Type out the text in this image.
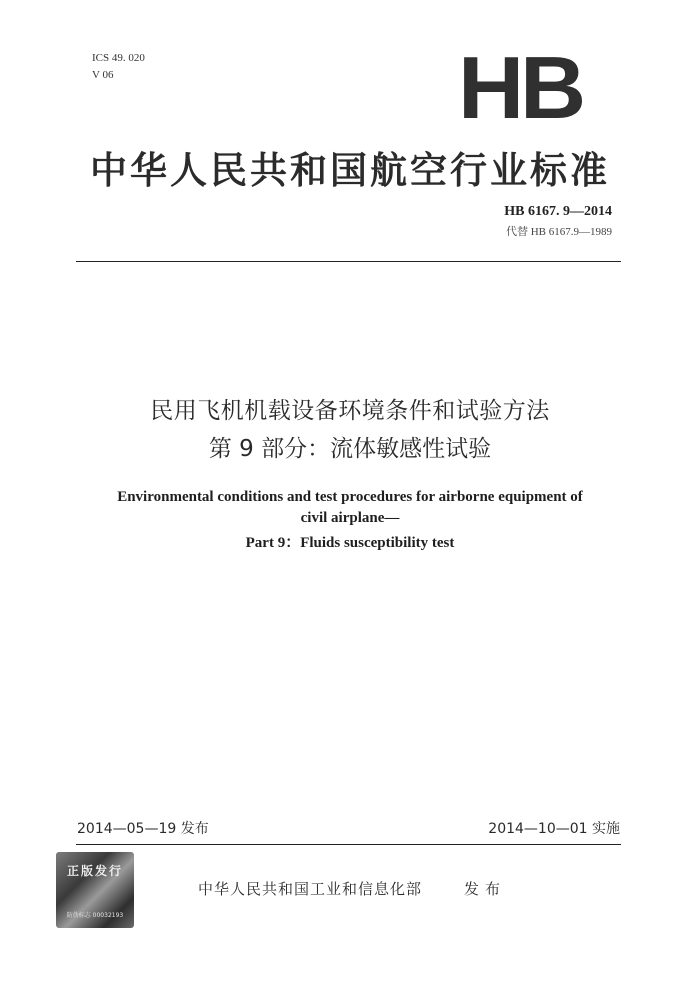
ICS 49. 020
V 06	HB
中华人民共和国航空行业标准
HB 6167. 9—2014
代替 HB 6167.9—1989
民用飞机机载设备环境条件和试验方法
第 9 部分：流体敏感性试验
Environmental conditions and test procedures for airborne equipment of
civil airplane—
Part 9：Fluids susceptibility test
2014—05—19 发布	2014—10—01 实施
正版发行
防伪标志 00032193
中华人民共和国工业和信息化部	发布
